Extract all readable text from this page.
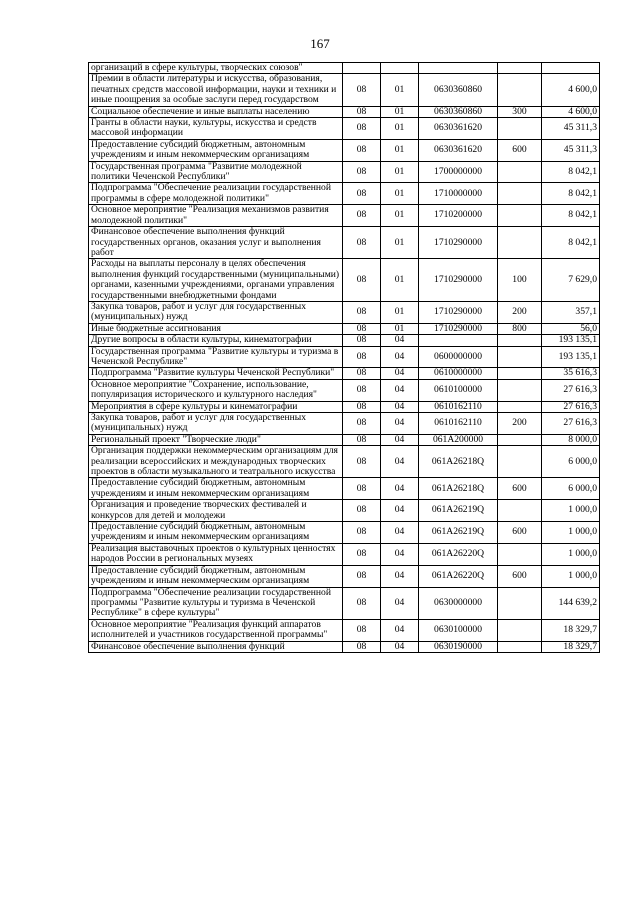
167
организаций в сфере культуры, творческих союзов"					
Премии в области литературы и искусства, образования, печатных средств массовой информации, науки и техники и иные поощрения за особые заслуги перед государством	08	01	0630360860		4 600,0
Социальное обеспечение и иные выплаты населению	08	01	0630360860	300	4 600,0
Гранты в области науки, культуры, искусства и средств массовой информации	08	01	0630361620		45 311,3
Предоставление субсидий бюджетным, автономным учреждениям и иным некоммерческим организациям	08	01	0630361620	600	45 311,3
Государственная программа "Развитие молодежной политики Чеченской Республики"	08	01	1700000000		8 042,1
Подпрограмма "Обеспечение реализации государственной программы в сфере молодежной политики"	08	01	1710000000		8 042,1
Основное мероприятие "Реализация механизмов развития молодежной политики"	08	01	1710200000		8 042,1
Финансовое обеспечение выполнения функций государственных органов, оказания услуг и выполнения работ	08	01	1710290000		8 042,1
Расходы на выплаты персоналу в целях обеспечения выполнения функций государственными (муниципальными) органами, казенными учреждениями, органами управления государственными внебюджетными фондами	08	01	1710290000	100	7 629,0
Закупка товаров, работ и услуг для государственных (муниципальных) нужд	08	01	1710290000	200	357,1
Иные бюджетные ассигнования	08	01	1710290000	800	56,0
Другие вопросы в области культуры, кинематографии	08	04			193 135,1
Государственная программа "Развитие культуры и туризма в Чеченской Республике"	08	04	0600000000		193 135,1
Подпрограмма "Развитие культуры Чеченской Республики"	08	04	0610000000		35 616,3
Основное мероприятие "Сохранение, использование, популяризация исторического и культурного наследия"	08	04	0610100000		27 616,3
Мероприятия в сфере культуры и кинематографии	08	04	0610162110		27 616,3
Закупка товаров, работ и услуг для государственных (муниципальных) нужд	08	04	0610162110	200	27 616,3
Региональный проект "Творческие люди"	08	04	061A200000		8 000,0
Организация поддержки некоммерческим организациям для реализации всероссийских и международных творческих проектов в области музыкального и театрального искусства	08	04	061A26218Q		6 000,0
Предоставление субсидий бюджетным, автономным учреждениям и иным некоммерческим организациям	08	04	061A26218Q	600	6 000,0
Организация и проведение творческих фестивалей и конкурсов для детей и молодежи	08	04	061A26219Q		1 000,0
Предоставление субсидий бюджетным, автономным учреждениям и иным некоммерческим организациям	08	04	061A26219Q	600	1 000,0
Реализация выставочных проектов о культурных ценностях народов России в региональных музеях	08	04	061A26220Q		1 000,0
Предоставление субсидий бюджетным, автономным учреждениям и иным некоммерческим организациям	08	04	061A26220Q	600	1 000,0
Подпрограмма "Обеспечение реализации государственной программы "Развитие культуры и туризма в Чеченской Республике" в сфере культуры"	08	04	0630000000		144 639,2
Основное мероприятие "Реализация функций аппаратов исполнителей и участников государственной программы"	08	04	0630100000		18 329,7
Финансовое обеспечение выполнения функций	08	04	0630190000		18 329,7
